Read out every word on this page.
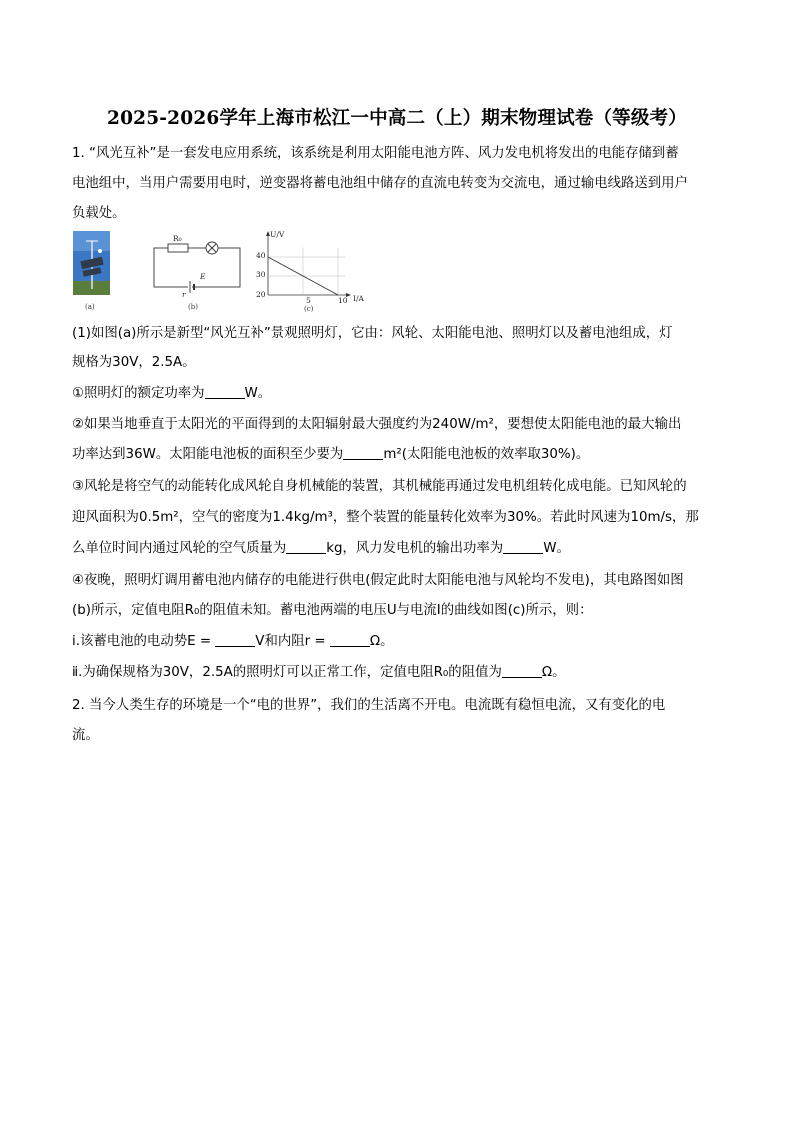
2025-2026学年上海市松江一中高二（上）期末物理试卷（等级考）
1. “风光互补”是一套发电应用系统，该系统是利用太阳能电池方阵、风力发电机将发出的电能存储到蓄
电池组中，当用户需要用电时，逆变器将蓄电池组中储存的直流电转变为交流电，通过输电线路送到用户
负载处。
(a)
R₀
E
r
(b)
U/V
I/A
40
30
20
5	10
(c)
(1)如图(a)所示是新型“风光互补”景观照明灯，它由：风轮、太阳能电池、照明灯以及蓄电池组成，灯
规格为30V，2.5A。
①照明灯的额定功率为	W。
②如果当地垂直于太阳光的平面得到的太阳辐射最大强度约为240W/m²，要想使太阳能电池的最大输出
功率达到36W。太阳能电池板的面积至少要为	m²(太阳能电池板的效率取30%)。
③风轮是将空气的动能转化成风轮自身机械能的装置，其机械能再通过发电机组转化成电能。已知风轮的
迎风面积为0.5m²，空气的密度为1.4kg/m³，整个装置的能量转化效率为30%。若此时风速为10m/s，那
么单位时间内通过风轮的空气质量为	kg，风力发电机的输出功率为	W。
④夜晚，照明灯调用蓄电池内储存的电能进行供电(假定此时太阳能电池与风轮均不发电)，其电路图如图
(b)所示，定值电阻R₀的阻值未知。蓄电池两端的电压U与电流I的曲线如图(c)所示，则：
ⅰ.该蓄电池的电动势E =	V和内阻r =	Ω。
ⅱ.为确保规格为30V，2.5A的照明灯可以正常工作，定值电阻R₀的阻值为	Ω。
2. 当今人类生存的环境是一个“电的世界”，我们的生活离不开电。电流既有稳恒电流，又有变化的电
流。
